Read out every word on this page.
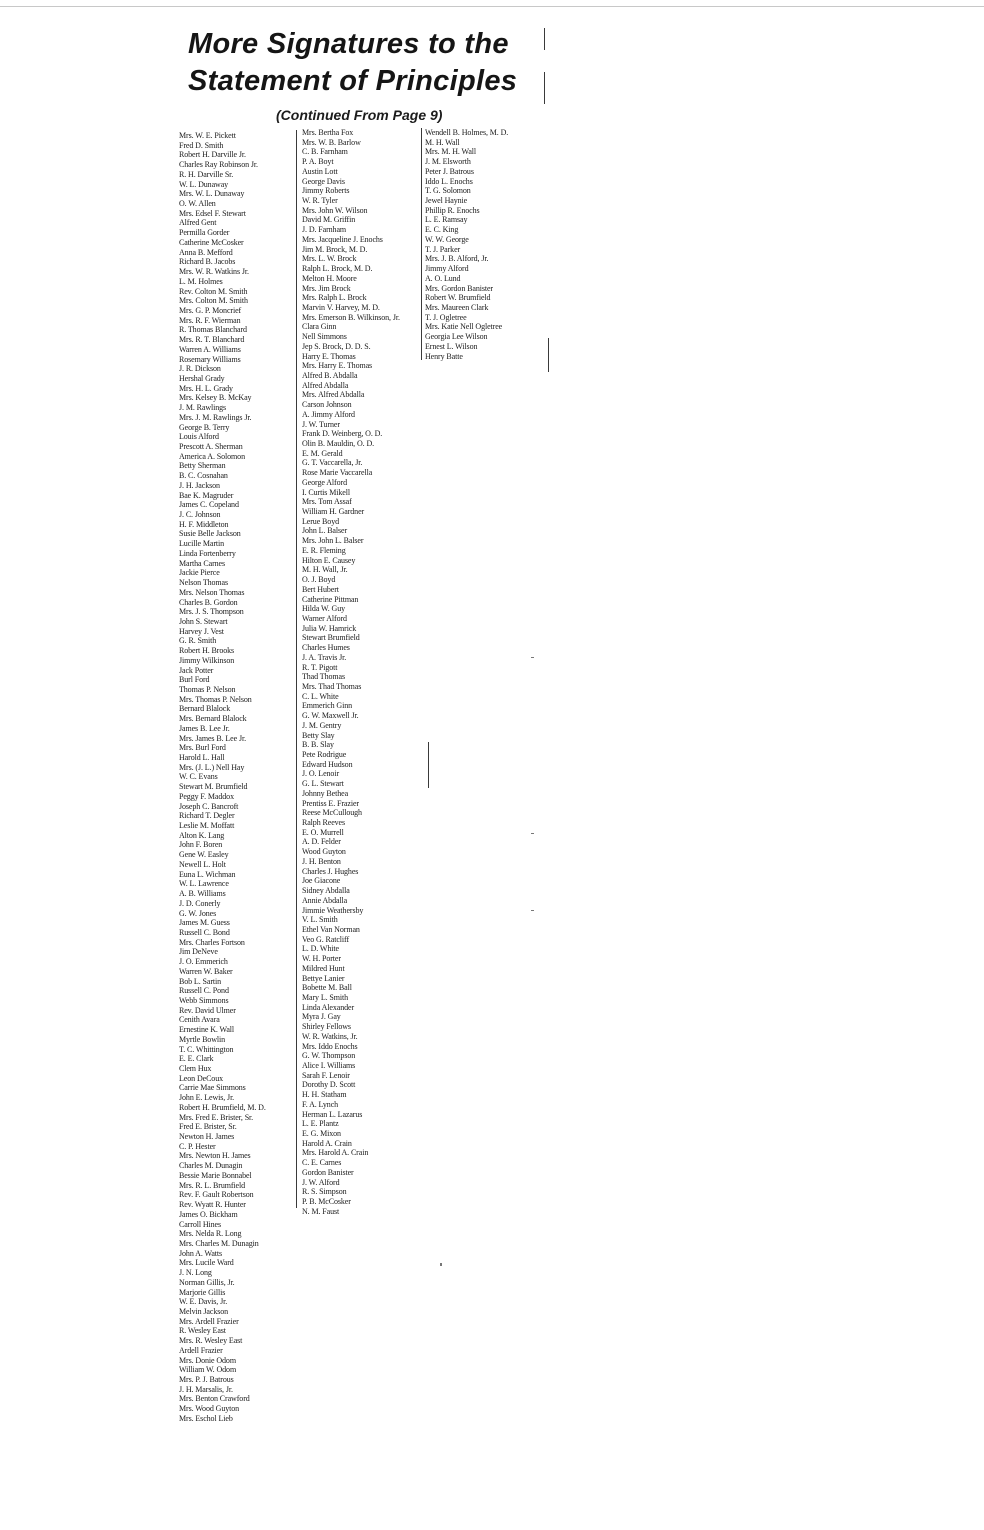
More Signatures to the
Statement of Principles
(Continued From Page 9)
Mrs. W. E. Pickett
Fred D. Smith
Robert H. Darville Jr.
Charles Ray Robinson Jr.
R. H. Darville Sr.
W. L. Dunaway
Mrs. W. L. Dunaway
O. W. Allen
Mrs. Edsel F. Stewart
Alfred Gent
Permilla Gorder
Catherine McCosker
Anna B. Mefford
Richard B. Jacobs
Mrs. W. R. Watkins Jr.
L. M. Holmes
Rev. Colton M. Smith
Mrs. Colton M. Smith
Mrs. G. P. Moncrief
Mrs. R. F. Wierman
R. Thomas Blanchard
Mrs. R. T. Blanchard
Warren A. Williams
Rosemary Williams
J. R. Dickson
Hershal Grady
Mrs. H. L. Grady
Mrs. Kelsey B. McKay
J. M. Rawlings
Mrs. J. M. Rawlings Jr.
George B. Terry
Louis Alford
Prescott A. Sherman
America A. Solomon
Betty Sherman
B. C. Cosnahan
J. H. Jackson
Bae K. Magruder
James C. Copeland
J. C. Johnson
H. F. Middleton
Susie Belle Jackson
Lucille Martin
Linda Fortenberry
Martha Carnes
Jackie Pierce
Nelson Thomas
Mrs. Nelson Thomas
Charles B. Gordon
Mrs. J. S. Thompson
John S. Stewart
Harvey J. Vest
G. R. Smith
Robert H. Brooks
Jimmy Wilkinson
Jack Potter
Burl Ford
Thomas P. Nelson
Mrs. Thomas P. Nelson
Bernard Blalock
Mrs. Bernard Blalock
James B. Lee Jr.
Mrs. James B. Lee Jr.
Mrs. Burl Ford
Harold L. Hall
Mrs. (J. L.) Nell Hay
W. C. Evans
Stewart M. Brumfield
Peggy F. Maddox
Joseph C. Bancroft
Richard T. Degler
Leslie M. Moffatt
Alton K. Lang
John F. Boren
Gene W. Easley
Newell L. Holt
Euna L. Wichman
W. L. Lawrence
A. B. Williams
J. D. Conerly
G. W. Jones
James M. Guess
Russell C. Bond
Mrs. Charles Fortson
Jim DeNeve
J. O. Emmerich
Warren W. Baker
Bob L. Sartin
Russell C. Pond
Webb Simmons
Rev. David Ulmer
Cenith Avara
Ernestine K. Wall
Myrtle Bowlin
T. C. Whittington
E. E. Clark
Clem Hux
Leon DeCoux
Carrie Mae Simmons
John E. Lewis, Jr.
Robert H. Brumfield, M. D.
Mrs. Fred E. Brister, Sr.
Fred E. Brister, Sr.
Newton H. James
C. P. Hester
Mrs. Newton H. James
Charles M. Dunagin
Bessie Marie Bonnabel
Mrs. R. L. Brumfield
Rev. F. Gault Robertson
Rev. Wyatt R. Hunter
James O. Bickham
Carroll Hines
Mrs. Nelda R. Long
Mrs. Charles M. Dunagin
John A. Watts
Mrs. Lucile Ward
J. N. Long
Norman Gillis, Jr.
Marjorie Gillis
W. E. Davis, Jr.
Melvin Jackson
Mrs. Ardell Frazier
R. Wesley East
Mrs. R. Wesley East
Ardell Frazier
Mrs. Donie Odom
William W. Odom
Mrs. P. J. Batrous
J. H. Marsalis, Jr.
Mrs. Benton Crawford
Mrs. Wood Guyton
Mrs. Eschol Lieb
Mrs. Bertha Fox
Mrs. W. B. Barlow
C. B. Farnham
P. A. Boyt
Austin Lott
George Davis
Jimmy Roberts
W. R. Tyler
Mrs. John W. Wilson
David M. Griffin
J. D. Farnham
Mrs. Jacqueline J. Enochs
Jim M. Brock, M. D.
Mrs. L. W. Brock
Ralph L. Brock, M. D.
Melton H. Moore
Mrs. Jim Brock
Mrs. Ralph L. Brock
Marvin V. Harvey, M. D.
Mrs. Emerson B. Wilkinson, Jr.
Clara Ginn
Nell Simmons
Jep S. Brock, D. D. S.
Harry E. Thomas
Mrs. Harry E. Thomas
Alfred B. Abdalla
Alfred Abdalla
Mrs. Alfred Abdalla
Carson Johnson
A. Jimmy Alford
J. W. Turner
Frank D. Weinberg, O. D.
Olin B. Mauldin, O. D.
E. M. Gerald
G. T. Vaccarella, Jr.
Rose Marie Vaccarella
George Alford
I. Curtis Mikell
Mrs. Tom Assaf
William H. Gardner
Lerue Boyd
John L. Balser
Mrs. John L. Balser
E. R. Fleming
Hilton E. Causey
M. H. Wall, Jr.
O. J. Boyd
Bert Hubert
Catherine Pittman
Hilda W. Guy
Warner Alford
Julia W. Hamrick
Stewart Brumfield
Charles Humes
J. A. Travis Jr.
R. T. Pigott
Thad Thomas
Mrs. Thad Thomas
C. L. White
Emmerich Ginn
G. W. Maxwell Jr.
J. M. Gentry
Betty Slay
B. B. Slay
Pete Rodrigue
Edward Hudson
J. O. Lenoir
G. L. Stewart
Johnny Bethea
Prentiss E. Frazier
Reese McCullough
Ralph Reeves
E. O. Murrell
A. D. Felder
Wood Guyton
J. H. Benton
Charles J. Hughes
Joe Giacone
Sidney Abdalla
Annie Abdalla
Jimmie Weathersby
V. L. Smith
Ethel Van Norman
Veo G. Ratcliff
L. D. White
W. H. Porter
Mildred Hunt
Bettye Lanier
Bobette M. Ball
Mary L. Smith
Linda Alexander
Myra J. Gay
Shirley Fellows
W. R. Watkins, Jr.
Mrs. Iddo Enochs
G. W. Thompson
Alice I. Williams
Sarah F. Lenoir
Dorothy D. Scott
H. H. Statham
F. A. Lynch
Herman L. Lazarus
L. E. Plantz
E. G. Mixon
Harold A. Crain
Mrs. Harold A. Crain
C. E. Carnes
Gordon Banister
J. W. Alford
R. S. Simpson
P. B. McCosker
N. M. Faust
Wendell B. Holmes, M. D.
M. H. Wall
Mrs. M. H. Wall
J. M. Elsworth
Peter J. Batrous
Iddo L. Enochs
T. G. Solomon
Jewel Haynie
Phillip R. Enochs
L. E. Ramsay
E. C. King
W. W. George
T. J. Parker
Mrs. J. B. Alford, Jr.
Jimmy Alford
A. O. Lund
Mrs. Gordon Banister
Robert W. Brumfield
Mrs. Maureen Clark
T. J. Ogletree
Mrs. Katie Nell Ogletree
Georgia Lee Wilson
Ernest L. Wilson
Henry Batte
